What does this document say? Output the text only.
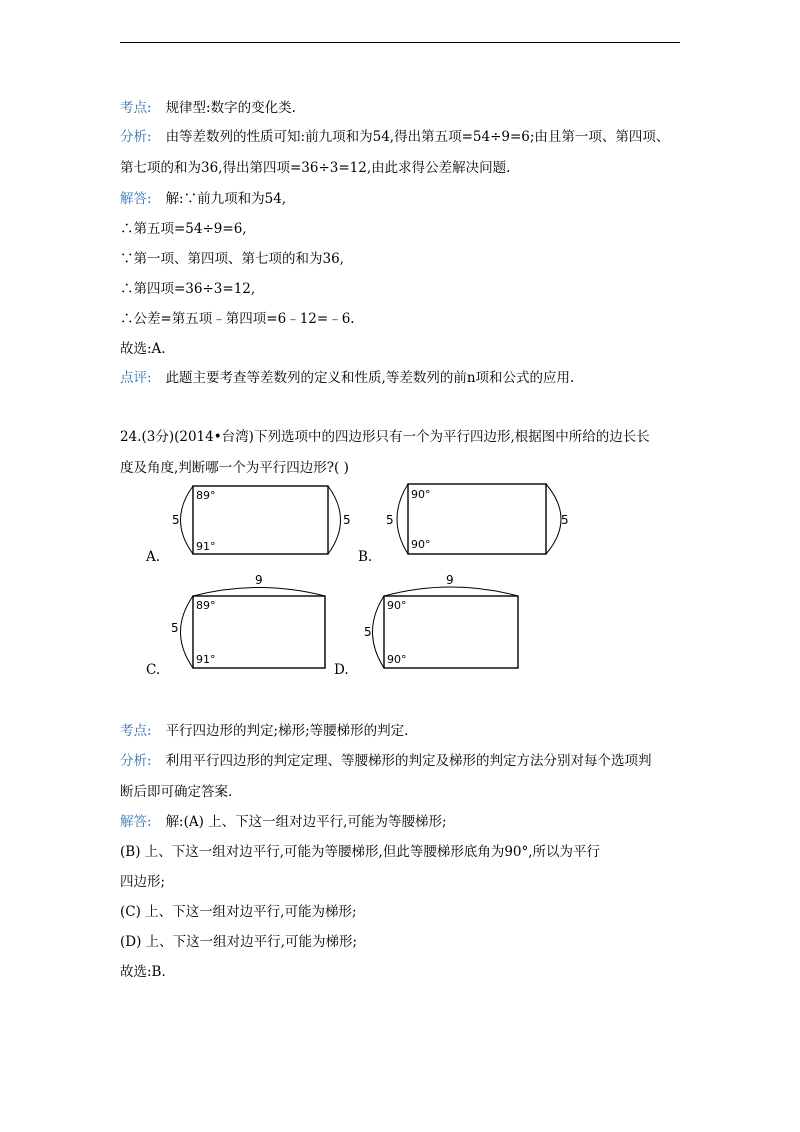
考点: 规律型:数字的变化类.
分析: 由等差数列的性质可知:前九项和为54,得出第五项=54÷9=6;由且第一项、第四项、
第七项的和为36,得出第四项=36÷3=12,由此求得公差解决问题.
解答: 解:∵前九项和为54,
∴第五项=54÷9=6,
∵第一项、第四项、第七项的和为36,
∴第四项=36÷3=12,
∴公差=第五项﹣第四项=6﹣12=﹣6.
故选:A.
点评: 此题主要考查等差数列的定义和性质,等差数列的前n项和公式的应用.
24.(3分)(2014•台湾)下列选项中的四边形只有一个为平行四边形,根据图中所给的边长长
度及角度,判断哪一个为平行四边形?( )
89°
91°
5	5
A.
90°
90°
5	5
B.
9
89°
91°
5
C.
9
90°
90°
5
D.
考点: 平行四边形的判定;梯形;等腰梯形的判定.
分析: 利用平行四边形的判定定理、等腰梯形的判定及梯形的判定方法分别对每个选项判
断后即可确定答案.
解答: 解:(A) 上、下这一组对边平行,可能为等腰梯形;
(B) 上、下这一组对边平行,可能为等腰梯形,但此等腰梯形底角为90°,所以为平行
四边形;
(C) 上、下这一组对边平行,可能为梯形;
(D) 上、下这一组对边平行,可能为梯形;
故选:B.
